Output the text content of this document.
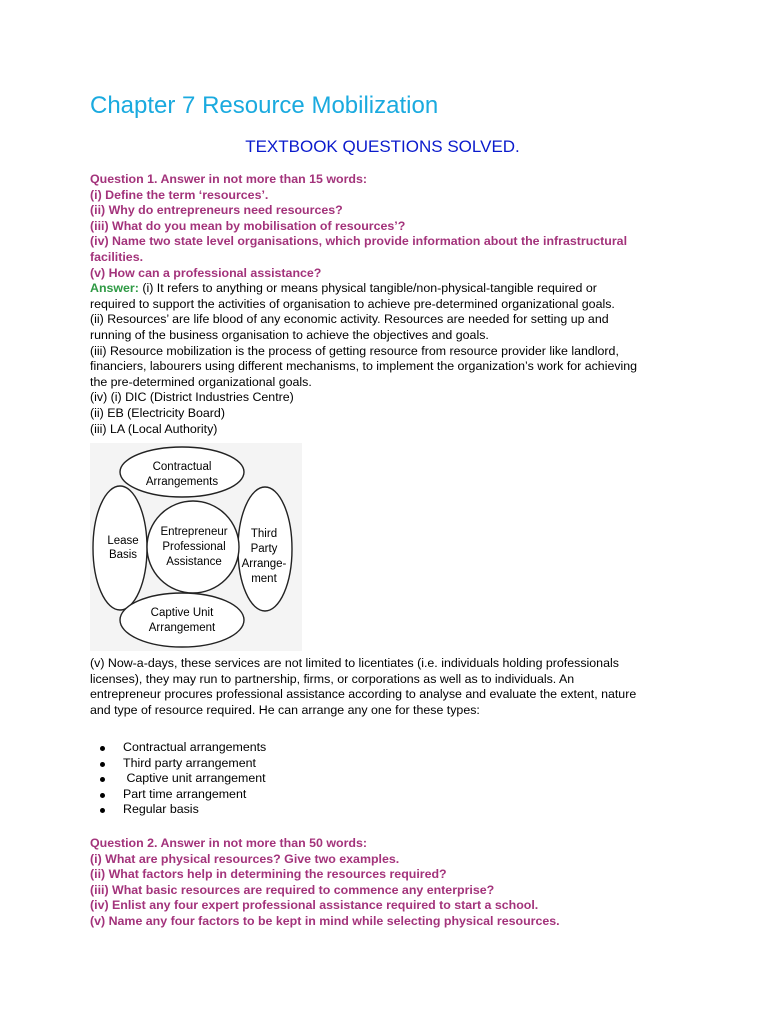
Chapter 7 Resource Mobilization
TEXTBOOK QUESTIONS SOLVED.
Question 1. Answer in not more than 15 words:
(i) Define the term ‘resources’.
(ii) Why do entrepreneurs need resources?
(iii) What do you mean by mobilisation of resources’?
(iv) Name two state level organisations, which provide information about the infrastructural
facilities.
(v) How can a professional assistance?
Answer: (i) It refers to anything or means physical tangible/non-physical-tangible required or
required to support the activities of organisation to achieve pre-determined organizational goals.
(ii) Resources’ are life blood of any economic activity. Resources are needed for setting up and
running of the business organisation to achieve the objectives and goals.
(iii) Resource mobilization is the process of getting resource from resource provider like landlord,
financiers, labourers using different mechanisms, to implement the organization’s work for achieving
the pre-determined organizational goals.
(iv) (i) DIC (District Industries Centre)
(ii) EB (Electricity Board)
(iii) LA (Local Authority)
Contractual
Arrangements
Lease
Basis
Entrepreneur
Professional
Assistance
Third
Party
Arrange-
ment
Captive Unit
Arrangement
(v) Now-a-days, these services are not limited to licentiates (i.e. individuals holding professionals
licenses), they may run to partnership, firms, or corporations as well as to individuals. An
entrepreneur procures professional assistance according to analyse and evaluate the extent, nature
and type of resource required. He can arrange any one for these types:
Contractual arrangements
Third party arrangement
Captive unit arrangement
Part time arrangement
Regular basis
Question 2. Answer in not more than 50 words:
(i) What are physical resources? Give two examples.
(ii) What factors help in determining the resources required?
(iii) What basic resources are required to commence any enterprise?
(iv) Enlist any four expert professional assistance required to start a school.
(v) Name any four factors to be kept in mind while selecting physical resources.
